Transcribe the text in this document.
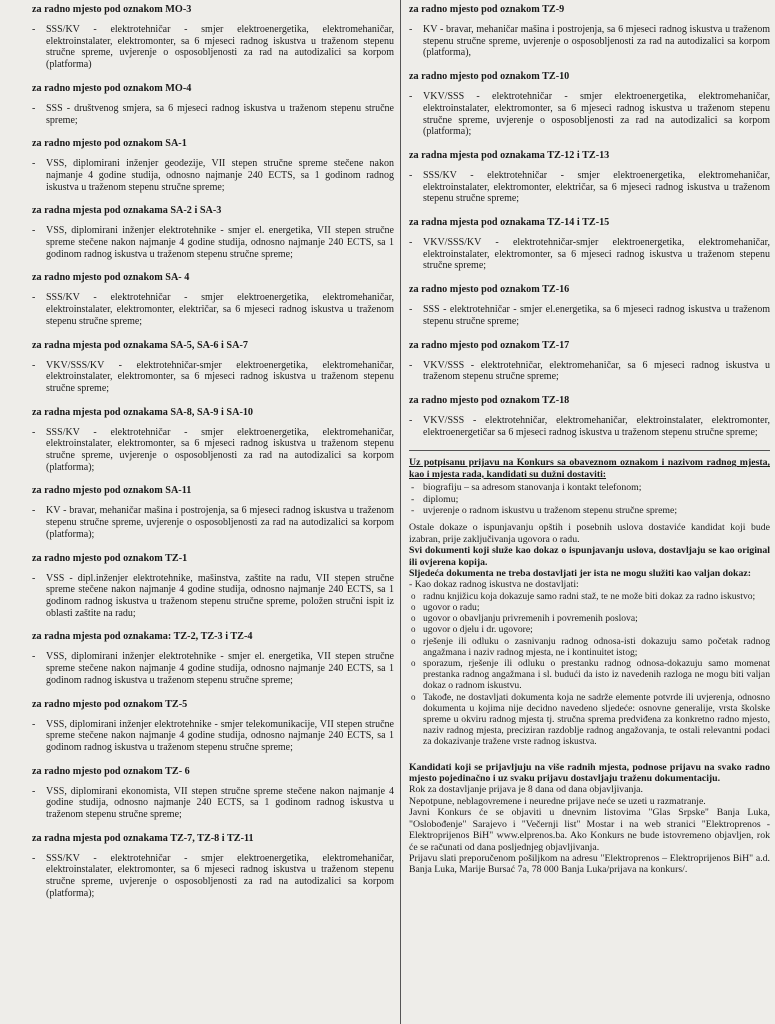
za radno mjesto pod oznakom MO-3

- SSS/KV - elektrotehničar - smjer elektroenergetika, elektromehaničar, elektroinstalater, elektromonter, sa 6 mjeseci radnog iskustva u traženom stepenu stručne spreme, uvjerenje o osposobljenosti za rad na autodizalici sa korpom (platforma)

za radno mjesto pod oznakom MO-4

- SSS - društvenog smjera, sa 6 mjeseci radnog iskustva u traženom stepenu stručne spreme;

za radno mjesto pod oznakom SA-1

- VSS, diplomirani inženjer geodezije, VII stepen stručne spreme stečene nakon najmanje 4 godine studija, odnosno najmanje 240 ECTS, sa 1 godinom radnog iskustva u traženom stepenu stručne spreme;

za radna mjesta pod oznakama SA-2 i SA-3

- VSS, diplomirani inženjer elektrotehnike - smjer el. energetika, VII stepen stručne spreme stečene nakon najmanje 4 godine studija, odnosno najmanje 240 ECTS, sa 1 godinom radnog iskustva u traženom stepenu stručne spreme;

za radno mjesto pod oznakom SA- 4

- SSS/KV - elektrotehničar - smjer elektroenergetika, elektromehaničar, elektroinstalater, elektromonter, električar, sa 6 mjeseci radnog iskustva u traženom stepenu stručne spreme;

za radna mjesta pod oznakama SA-5, SA-6 i SA-7

- VKV/SSS/KV - elektrotehničar-smjer elektroenergetika, elektromehaničar, elektroinstalater, elektromonter, sa 6 mjeseci radnog iskustva u traženom stepenu stručne spreme;

za radna mjesta pod oznakama SA-8, SA-9 i SA-10

- SSS/KV - elektrotehničar - smjer elektroenergetika, elektromehaničar, elektroinstalater, elektromonter, sa 6 mjeseci radnog iskustva u traženom stepenu stručne spreme, uvjerenje o osposobljenosti za rad na autodizalici sa korpom (platforma);

za radno mjesto pod oznakom SA-11

- KV - bravar, mehaničar mašina i postrojenja, sa 6 mjeseci radnog iskustva u traženom stepenu stručne spreme, uvjerenje o osposobljenosti za rad na autodizalici sa korpom (platforma);

za radno mjesto pod oznakom TZ-1

- VSS - dipl.inženjer elektrotehnike, mašinstva, zaštite na radu, VII stepen stručne spreme stečene nakon najmanje 4 godine studija, odnosno najmanje 240 ECTS, sa 1 godinom radnog iskustva u traženom stepenu stručne spreme, položen stručni ispit iz oblasti zaštite na radu;

za radna mjesta pod oznakama: TZ-2, TZ-3 i TZ-4

- VSS, diplomirani inženjer elektrotehnike - smjer el. energetika, VII stepen stručne spreme stečene nakon najmanje 4 godine studija, odnosno najmanje 240 ECTS, sa 1 godinom radnog iskustva u traženom stepenu stručne spreme;

za radno mjesto pod oznakom TZ-5

- VSS, diplomirani inženjer elektrotehnike - smjer telekomunikacije, VII stepen stručne spreme stečene nakon najmanje 4 godine studija, odnosno najmanje 240 ECTS, sa 1 godinom radnog iskustva u traženom stepenu stručne spreme;

za radno mjesto pod oznakom TZ- 6

- VSS, diplomirani ekonomista, VII stepen stručne spreme stečene nakon najmanje 4 godine studija, odnosno najmanje 240 ECTS, sa 1 godinom radnog iskustva u traženom stepenu stručne spreme;

za radna mjesta pod oznakama TZ-7, TZ-8 i TZ-11

- SSS/KV - elektrotehničar - smjer elektroenergetika, elektromehaničar, elektroinstalater, elektromonter, sa 6 mjeseci radnog iskustva u traženom stepenu stručne spreme, uvjerenje o osposobljenosti za rad na autodizalici sa korpom (platforma);

za radno mjesto pod oznakom TZ-9

- KV - bravar, mehaničar mašina i postrojenja, sa 6 mjeseci radnog iskustva u traženom stepenu stručne spreme, uvjerenje o osposobljenosti za rad na autodizalici sa korpom (platforma),

za radno mjesto pod oznakom TZ-10

- VKV/SSS - elektrotehničar - smjer elektroenergetika, elektromehaničar, elektroinstalater, elektromonter, sa 6 mjeseci radnog iskustva u traženom stepenu stručne spreme, uvjerenje o osposobljenosti za rad na autodizalici sa korpom (platforma);

za radna mjesta pod oznakama TZ-12 i TZ-13

- SSS/KV - elektrotehničar - smjer elektroenergetika, elektromehaničar, elektroinstalater, elektromonter, električar, sa 6 mjeseci radnog iskustva u traženom stepenu stručne spreme;

za radna mjesta pod oznakama TZ-14 i TZ-15

- VKV/SSS/KV - elektrotehničar-smjer elektroenergetika, elektromehaničar, elektroinstalater, elektromonter, sa 6 mjeseci radnog iskustva u traženom stepenu stručne spreme;

za radno mjesto pod oznakom TZ-16

- SSS - elektrotehničar - smjer el.energetika, sa 6 mjeseci radnog iskustva u traženom stepenu stručne spreme;

za radno mjesto pod oznakom TZ-17

- VKV/SSS - elektrotehničar, elektromehaničar, sa 6 mjeseci radnog iskustva u traženom stepenu stručne spreme;

za radno mjesto pod oznakom TZ-18

- VKV/SSS - elektrotehničar, elektromehaničar, elektroinstalater, elektromonter, elektroenergetičar sa 6 mjeseci radnog iskustva u traženom stepenu stručne spreme;

Uz potpisanu prijavu na Konkurs sa obaveznom oznakom i nazivom radnog mjesta, kao i mjesta rada, kandidati su dužni dostaviti:

- biografiju – sa adresom stanovanja i kontakt telefonom;
- diplomu;
- uvjerenje o radnom iskustvu u traženom stepenu stručne spreme;

Ostale dokaze o ispunjavanju opštih i posebnih uslova dostaviće kandidat koji bude izabran, prije zaključivanja ugovora o radu.

Svi dokumenti koji služe kao dokaz o ispunjavanju uslova, dostavljaju se kao original ili ovjerena kopija.

Sljedeća dokumenta ne treba dostavljati jer ista ne mogu služiti kao valjan dokaz:

- Kao dokaz radnog iskustva ne dostavljati:

o radnu knjižicu koja dokazuje samo radni staž, te ne može biti dokaz za radno iskustvo;
o ugovor o radu;
o ugovor o obavljanju privremenih i povremenih poslova;
o ugovor o djelu i dr. ugovore;
o rješenje ili odluku o zasnivanju radnog odnosa-isti dokazuju samo početak radnog angažmana i naziv radnog mjesta, ne i kontinuitet istog;
o sporazum, rješenje ili odluku o prestanku radnog odnosa-dokazuju samo momenat prestanka radnog angažmana i sl. budući da isto iz navedenih razloga ne mogu biti valjan dokaz o radnom iskustvu.
o Takođe, ne dostavljati dokumenta koja ne sadrže elemente potvrde ili uvjerenja, odnosno dokumenta u kojima nije decidno navedeno sljedeće: osnovne generalije, vrsta školske spreme u okviru radnog mjesta tj. stručna sprema predviđena za konkretno radno mjesto, naziv radnog mjesta, preciziran razdoblje radnog angažovanja, te ostali relevantni podaci za dokazivanje tražene vrste radnog iskustva.

Kandidati koji se prijavljuju na više radnih mjesta, podnose prijavu na svako radno mjesto pojedinačno i uz svaku prijavu dostavljaju traženu dokumentaciju.

Rok za dostavljanje prijava je 8 dana od dana objavljivanja.

Nepotpune, neblagovremene i neuredne prijave neće se uzeti u razmatranje.

Javni Konkurs će se objaviti u dnevnim listovima "Glas Srpske" Banja Luka, "Oslobođenje" Sarajevo i "Večernji list" Mostar i na web stranici "Elektroprenos - Elektroprijenos BiH" www.elprenos.ba. Ako Konkurs ne bude istovremeno objavljen, rok će se računati od dana posljednjeg objavljivanja.

Prijavu slati preporučenom pošiljkom na adresu "Elektroprenos – Elektroprijenos BiH" a.d. Banja Luka, Marije Bursać 7a, 78 000 Banja Luka/prijava na konkurs/.
